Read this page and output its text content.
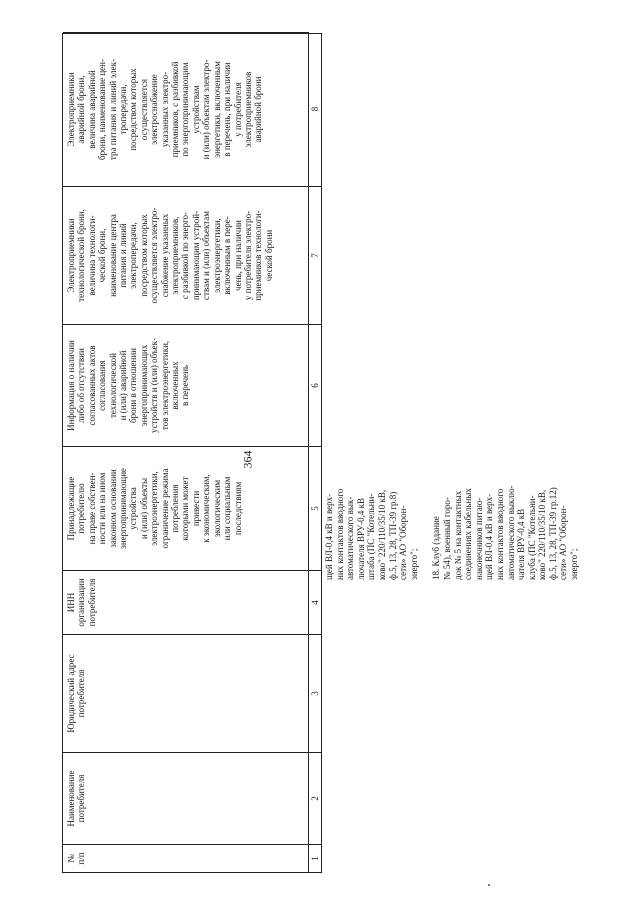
364
№
п/п
Наименование
потребителя
Юридический адрес
потребителя
ИНН
организации
потребителя
Принадлежащие
потребителю
на праве собствен-
ности или на ином
законном основании
энергопринимающие
устройства
и (или) объекты
электроэнергетики,
ограничение режима
потребления
которыми может
привести
к экономическим,
экологическим
или социальным
последствиям
Информация о наличии
либо об отсутствии
согласованных актов
согласования
технологической
и (или) аварийной
брони в отношении
энергопринимающих
устройств и (или) объек-
тов электроэнергетики,
включенных
в перечень
Электроприемники
технологической брони,
величина технологи-
ческой брони,
наименование центра
питания и линий
электропередачи,
посредством которых
осуществляется электро-
снабжение указанных
электроприемников,
с разбивкой по энерго-
принимающим устрой-
ствам и (или) объектам
электроэнергетики,
включенным в пере-
чень, при наличии
у потребителя электро-
приемников технологи-
ческой брони
Электроприемники
аварийной брони,
величина аварийной
брони, наименование цен-
тра питания и линий элек-
тропередачи,
посредством которых
осуществляется
электроснабжение
указанных электро-
приемников, с разбивкой
по энергопринимающим
устройствам
и (или) объектам электро-
энергетики, включенным
в перечень, при наличии
у потребителя
электроприемников
аварийной брони
1
2
3
4
5
6
7
8

щей ВЛ-0,4 кВ и верх-
них контактов вводного
автоматического вык-
лючателя ВРУ-0,4 кВ
штаба (ПС "Котельни-
ково" 220/110/35/10 кВ,
ф.5, 13, 28, ТП-39 гр.8)
сети» АО "Оборон-
энерго"; 18. Клуб (здание
№ 54), военный горо-
док № 5 на контактных
соединениях кабельных
наконечников питаю-
щей ВЛ-0,4 кВ и верх-
них контактов вводного
автоматического выклю-
чателя ВРУ-0,4 кВ
клуба (ПС "Котельни-
ково" 220/110/35/10 кВ,
ф.5, 13, 28, ТП-39 гр.12)
сети» АО "Оборон-
энерго";
